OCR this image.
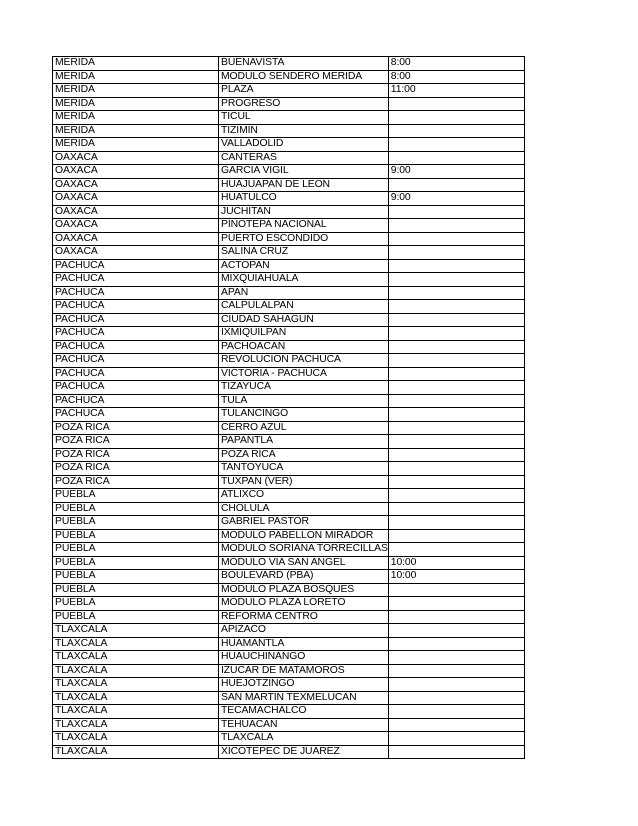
MERIDA	BUENAVISTA	8:00
MERIDA	MODULO SENDERO MERIDA	8:00
MERIDA	PLAZA	11:00
MERIDA	PROGRESO	
MERIDA	TICUL	
MERIDA	TIZIMIN	
MERIDA	VALLADOLID	
OAXACA	CANTERAS	
OAXACA	GARCIA VIGIL	9:00
OAXACA	HUAJUAPAN DE LEON	
OAXACA	HUATULCO	9:00
OAXACA	JUCHITAN	
OAXACA	PINOTEPA NACIONAL	
OAXACA	PUERTO ESCONDIDO	
OAXACA	SALINA CRUZ	
PACHUCA	ACTOPAN	
PACHUCA	MIXQUIAHUALA	
PACHUCA	APAN	
PACHUCA	CALPULALPAN	
PACHUCA	CIUDAD SAHAGUN	
PACHUCA	IXMIQUILPAN	
PACHUCA	PACHOACAN	
PACHUCA	REVOLUCION PACHUCA	
PACHUCA	VICTORIA - PACHUCA	
PACHUCA	TIZAYUCA	
PACHUCA	TULA	
PACHUCA	TULANCINGO	
POZA RICA	CERRO AZUL	
POZA RICA	PAPANTLA	
POZA RICA	POZA RICA	
POZA RICA	TANTOYUCA	
POZA RICA	TUXPAN (VER)	
PUEBLA	ATLIXCO	
PUEBLA	CHOLULA	
PUEBLA	GABRIEL PASTOR	
PUEBLA	MODULO PABELLON MIRADOR	
PUEBLA	MODULO SORIANA TORRECILLAS	
PUEBLA	MODULO VIA SAN ANGEL	10:00
PUEBLA	BOULEVARD (PBA)	10:00
PUEBLA	MODULO PLAZA BOSQUES	
PUEBLA	MODULO PLAZA LORETO	
PUEBLA	REFORMA CENTRO	
TLAXCALA	APIZACO	
TLAXCALA	HUAMANTLA	
TLAXCALA	HUAUCHINANGO	
TLAXCALA	IZUCAR DE MATAMOROS	
TLAXCALA	HUEJOTZINGO	
TLAXCALA	SAN MARTIN TEXMELUCAN	
TLAXCALA	TECAMACHALCO	
TLAXCALA	TEHUACAN	
TLAXCALA	TLAXCALA	
TLAXCALA	XICOTEPEC DE JUAREZ	
